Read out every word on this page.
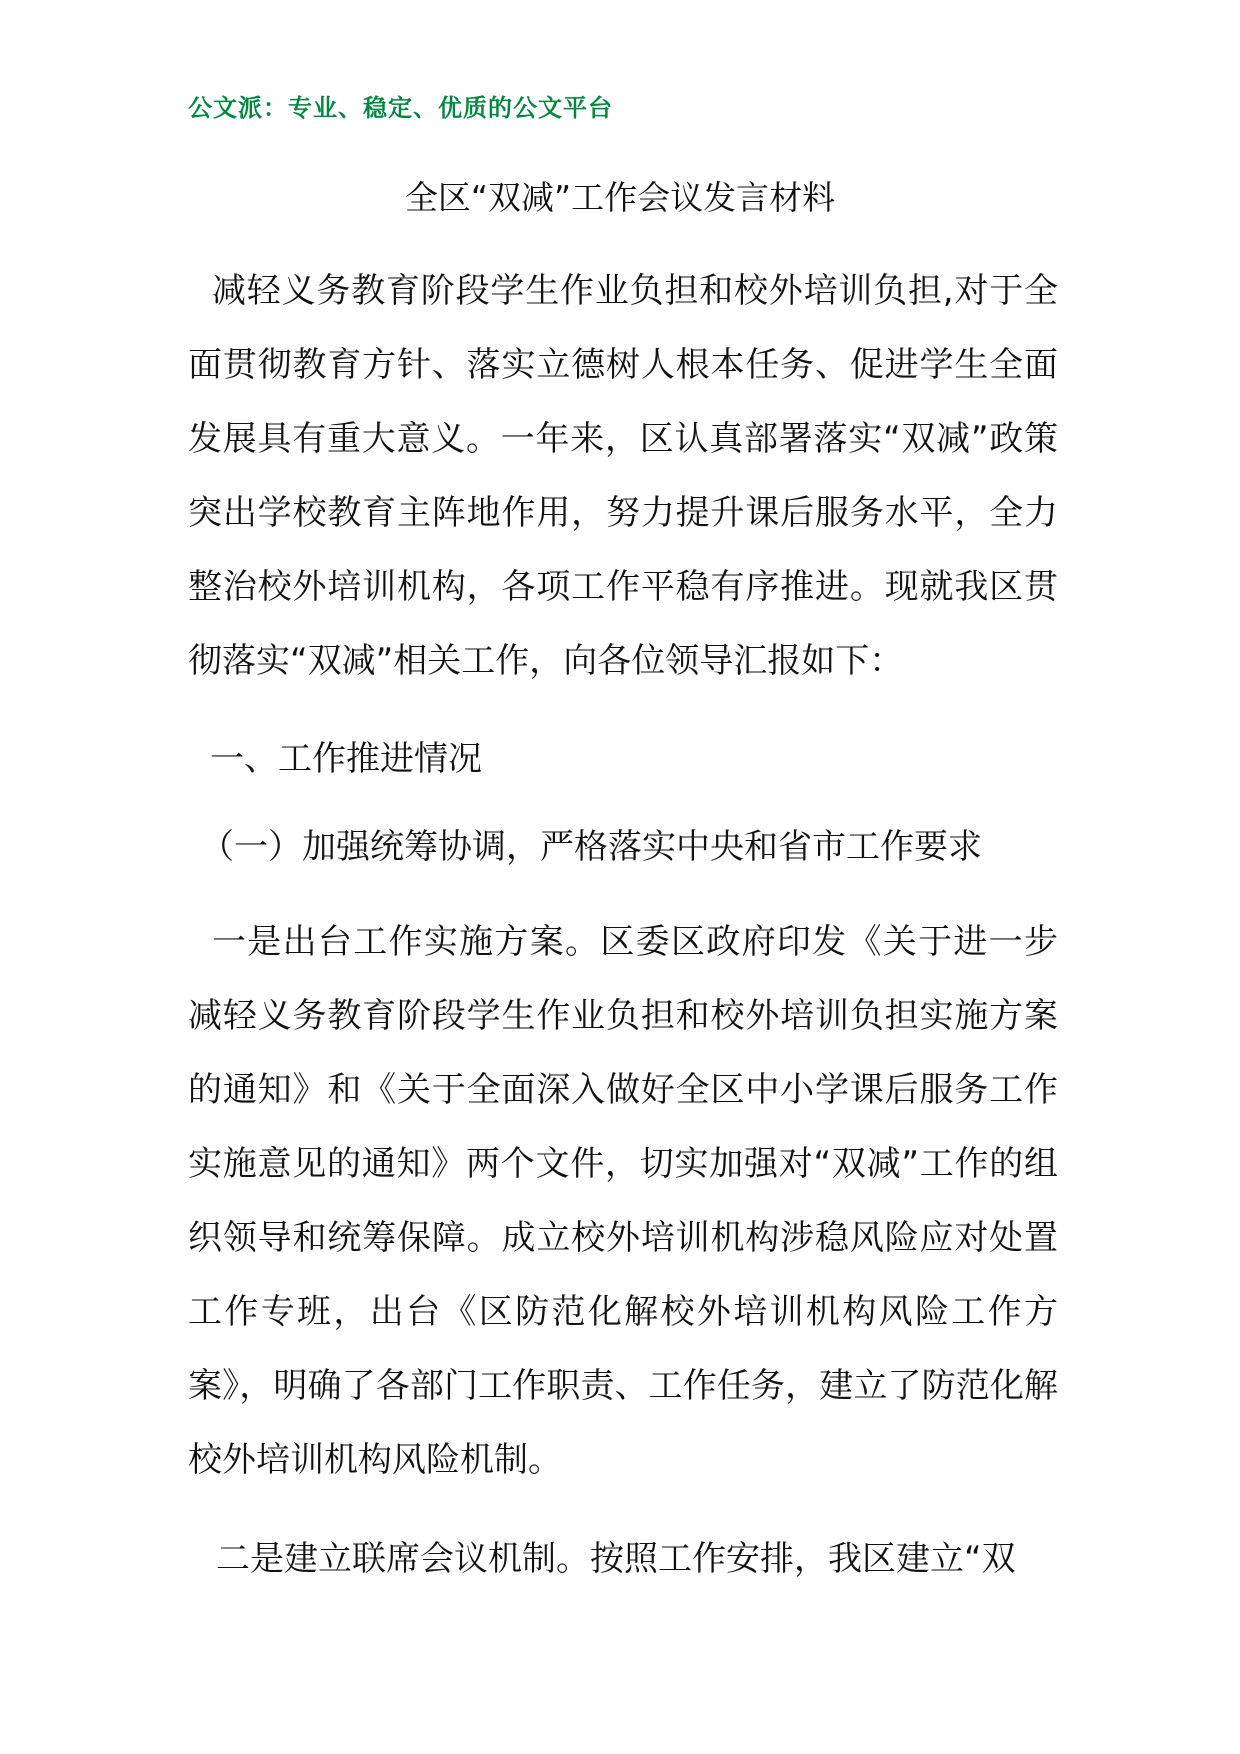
公文派：专业、稳定、优质的公文平台
全区“双减”工作会议发言材料
减轻义务教育阶段学生作业负担和校外培训负担,对于全面贯彻教育方针、落实立德树人根本任务、促进学生全面发展具有重大意义。一年来，区认真部署落实“双减”政策突出学校教育主阵地作用，努力提升课后服务水平，全力整治校外培训机构，各项工作平稳有序推进。现就我区贯彻落实“双减”相关工作，向各位领导汇报如下：
一、工作推进情况
（一）加强统筹协调，严格落实中央和省市工作要求
一是出台工作实施方案。区委区政府印发《关于进一步减轻义务教育阶段学生作业负担和校外培训负担实施方案的通知》和《关于全面深入做好全区中小学课后服务工作实施意见的通知》两个文件，切实加强对“双减”工作的组织领导和统筹保障。成立校外培训机构涉稳风险应对处置工作专班，出台《区防范化解校外培训机构风险工作方案》，明确了各部门工作职责、工作任务，建立了防范化解校外培训机构风险机制。
二是建立联席会议机制。按照工作安排，我区建立“双
